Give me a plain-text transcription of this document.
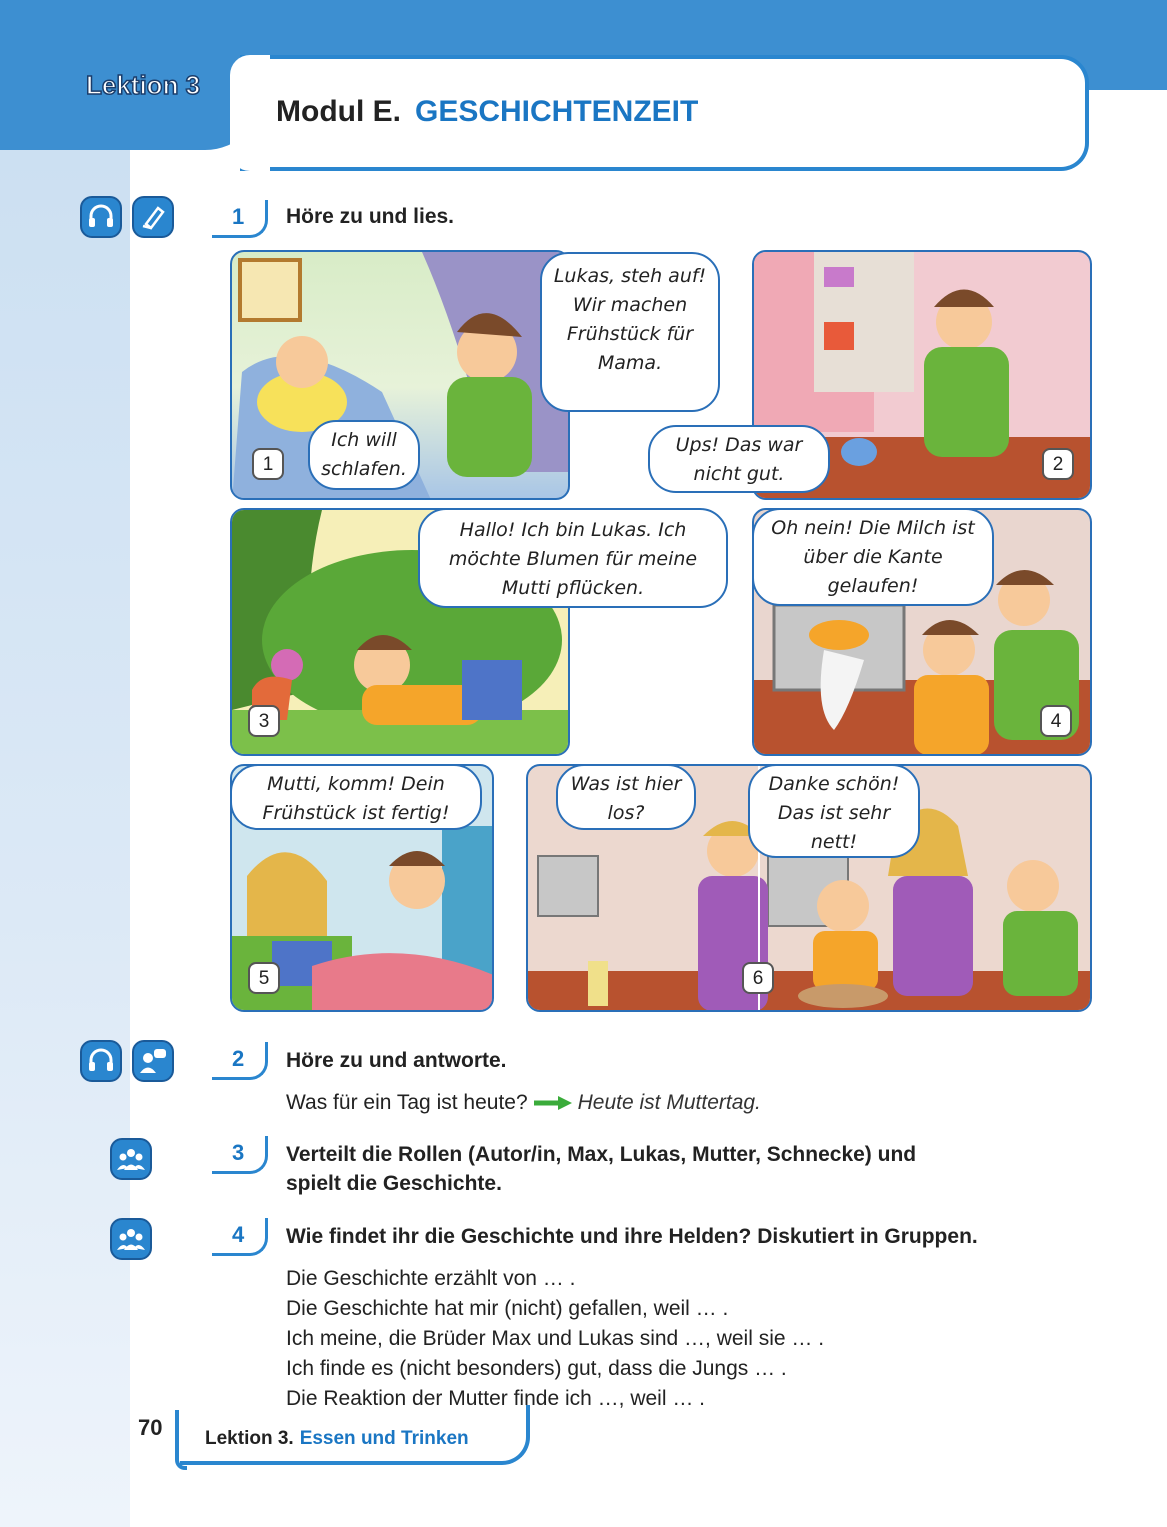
Lektion 3
Modul E. GESCHICHTENZEIT
1 Höre zu und lies.
Lukas, steh auf! Wir machen Frühstück für Mama.
Ich will schlafen.
1
Ups! Das war nicht gut.	2
Hallo! Ich bin Lukas. Ich möchte Blumen für meine Mutti pflücken.
3
Oh nein! Die Milch ist über die Kante gelaufen!
4
Mutti, komm! Dein Frühstück ist fertig!
5
Was ist hier los?
Danke schön! Das ist sehr nett!
6
2 Höre zu und antworte.
Was für ein Tag ist heute? Heute ist Muttertag.
3 Verteilt die Rollen (Autor/in, Max, Lukas, Mutter, Schnecke) und
spielt die Geschichte.
4 Wie findet ihr die Geschichte und ihre Helden? Diskutiert in Gruppen.
Die Geschichte erzählt von … .
Die Geschichte hat mir (nicht) gefallen, weil … .
Ich meine, die Brüder Max und Lukas sind …, weil sie … .
Ich finde es (nicht besonders) gut, dass die Jungs … .
Die Reaktion der Mutter finde ich …, weil … .
70 Lektion 3. Essen und Trinken
